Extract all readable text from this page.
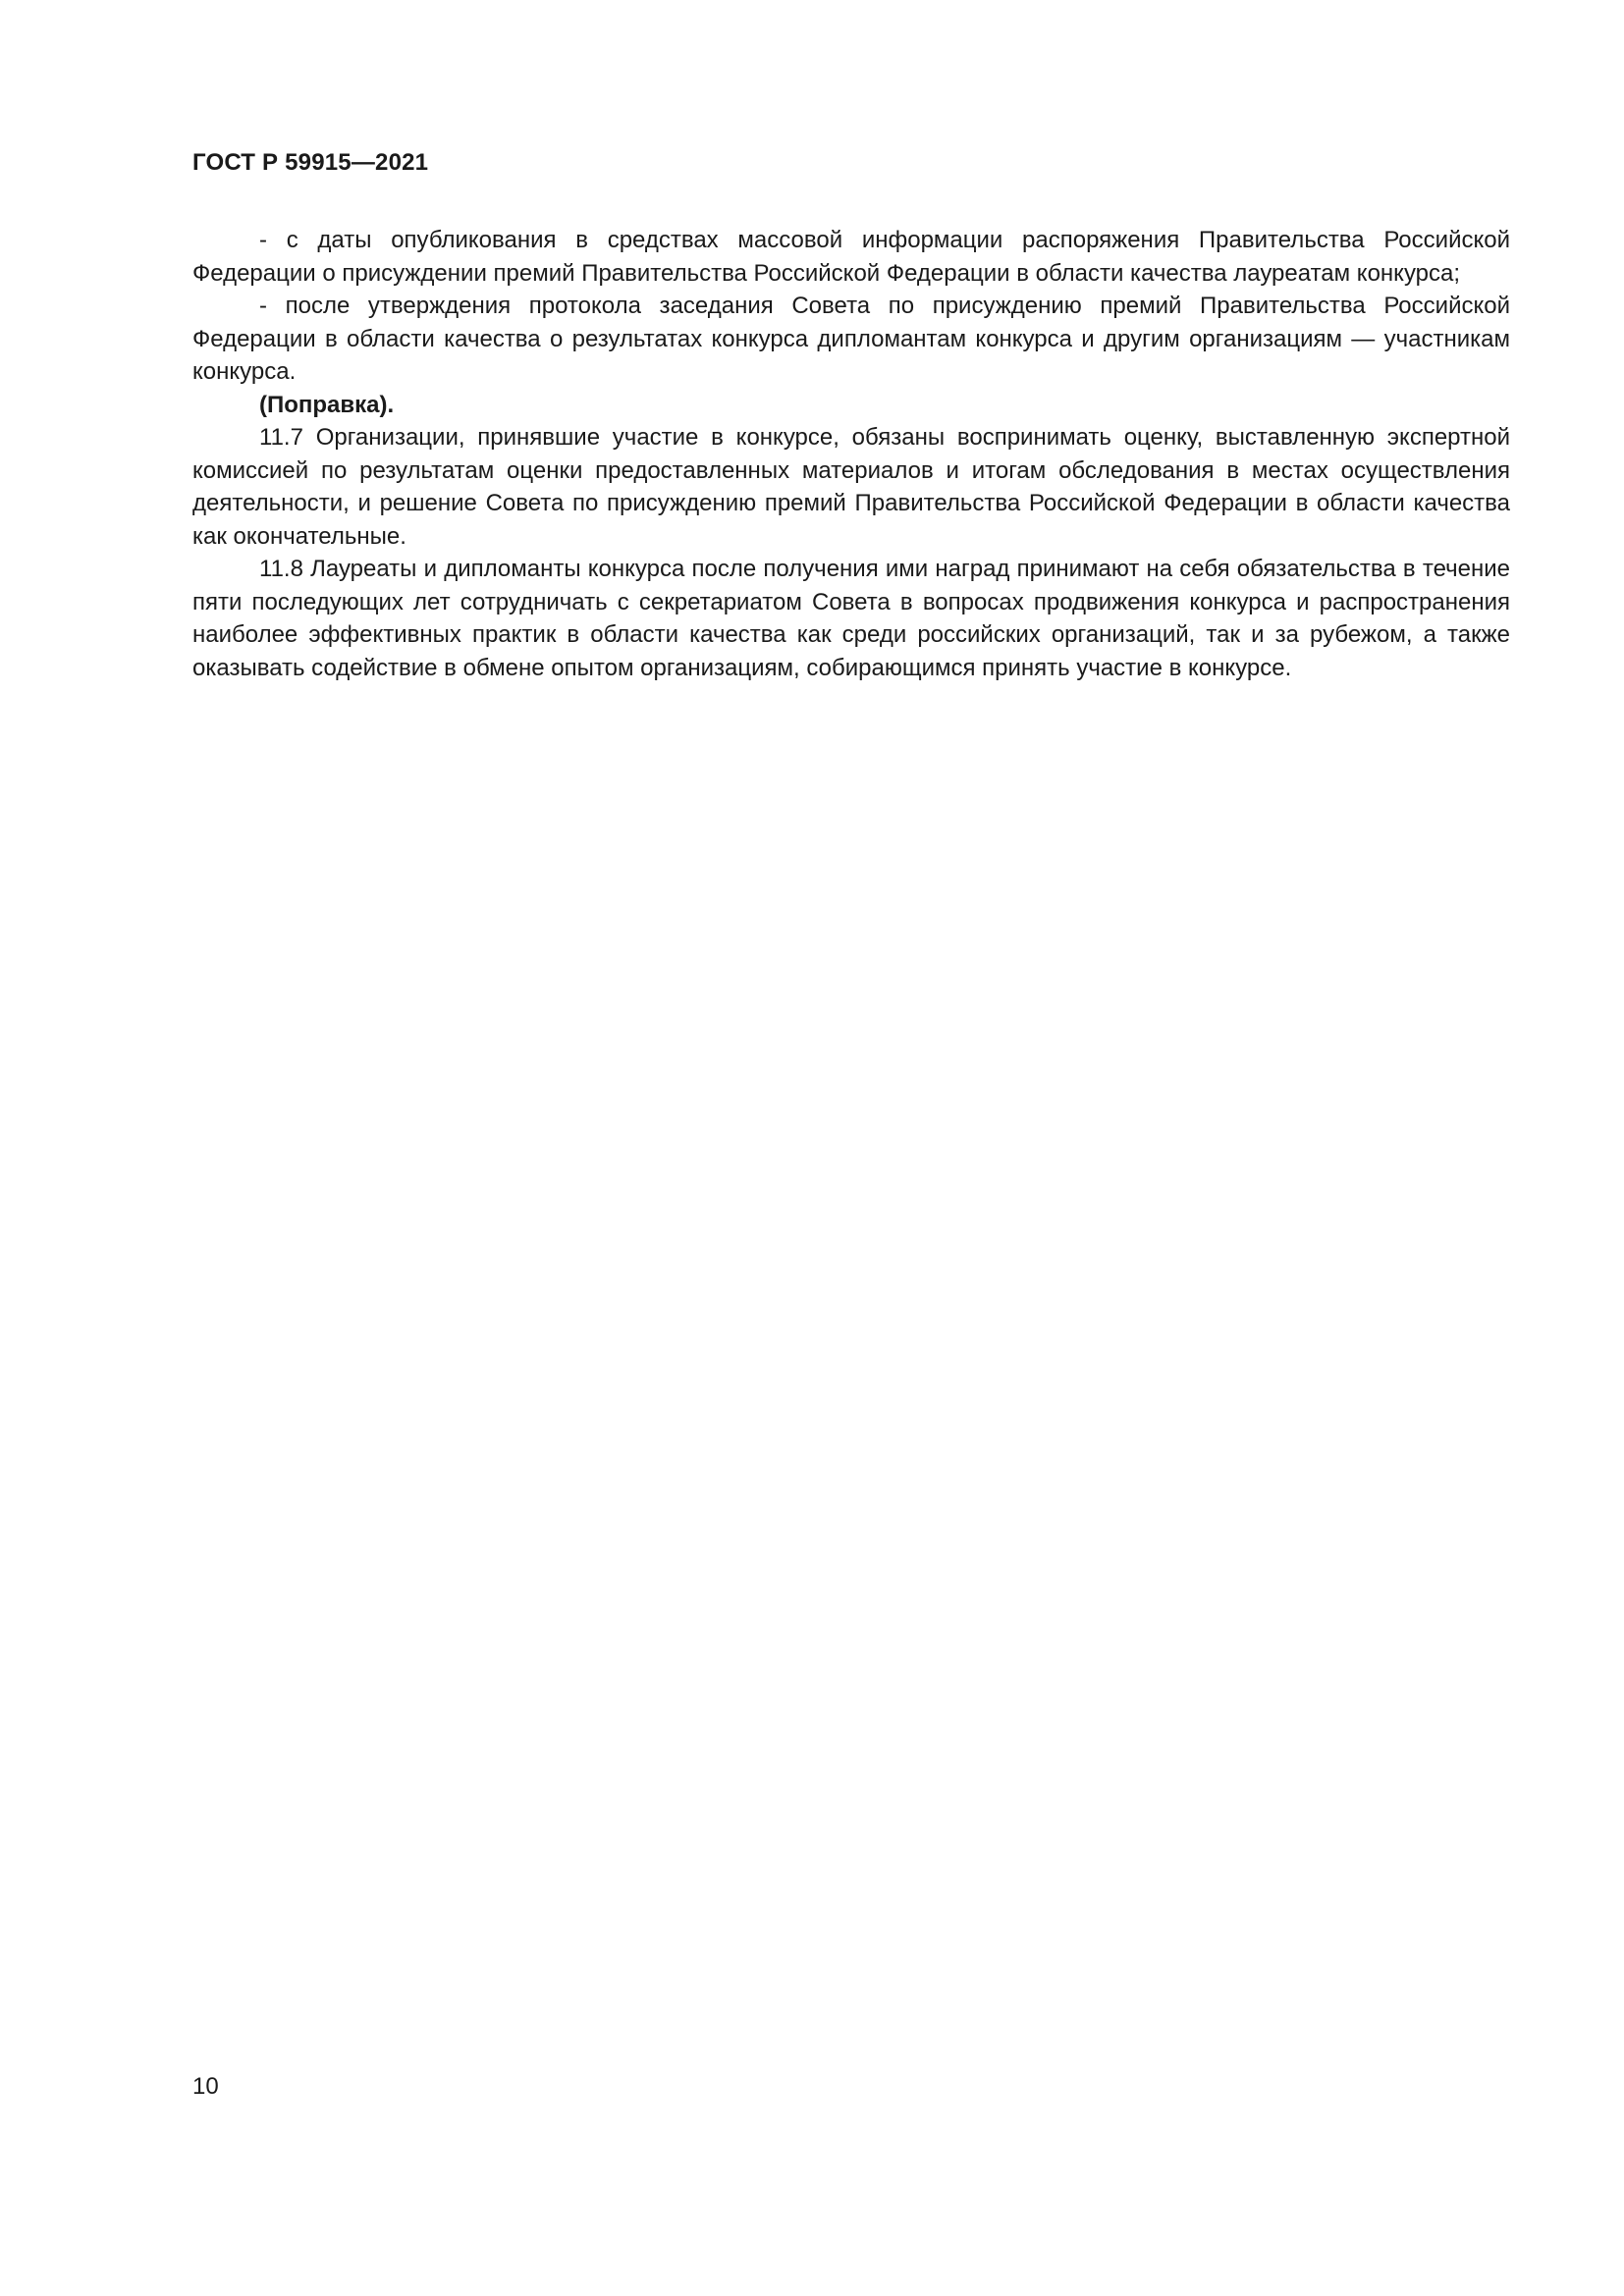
ГОСТ Р 59915—2021

- с даты опубликования в средствах массовой информации распоряжения Правительства Российской Федерации о присуждении премий Правительства Российской Федерации в области качества лауреатам конкурса;

- после утверждения протокола заседания Совета по присуждению премий Правительства Российской Федерации в области качества о результатах конкурса дипломантам конкурса и другим организациям — участникам конкурса.

(Поправка).

11.7 Организации, принявшие участие в конкурсе, обязаны воспринимать оценку, выставленную экспертной комиссией по результатам оценки предоставленных материалов и итогам обследования в местах осуществления деятельности, и решение Совета по присуждению премий Правительства Российской Федерации в области качества как окончательные.

11.8 Лауреаты и дипломанты конкурса после получения ими наград принимают на себя обязательства в течение пяти последующих лет сотрудничать с секретариатом Совета в вопросах продвижения конкурса и распространения наиболее эффективных практик в области качества как среди российских организаций, так и за рубежом, а также оказывать содействие в обмене опытом организациям, собирающимся принять участие в конкурсе.

10
